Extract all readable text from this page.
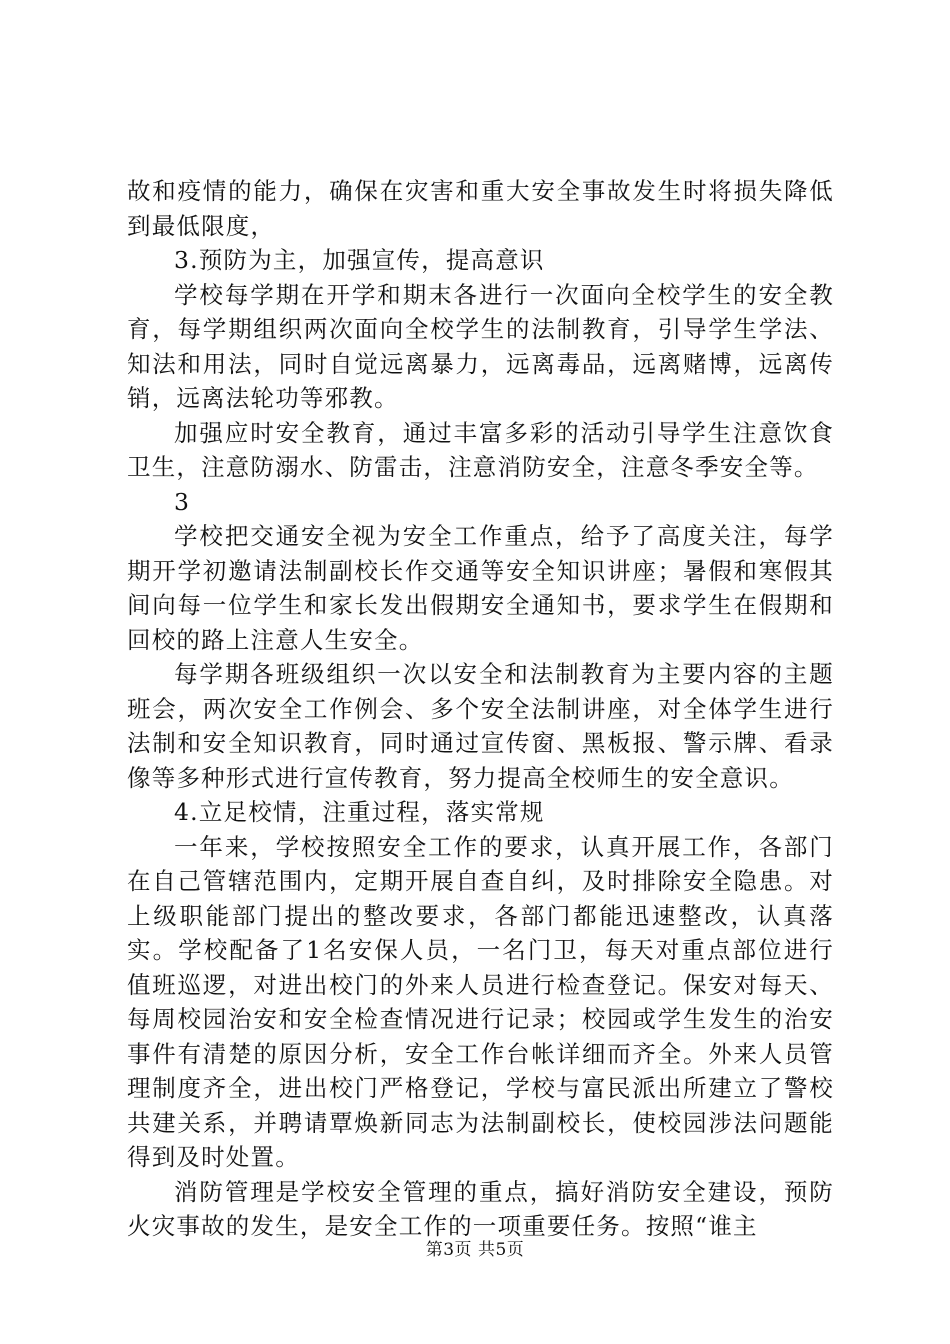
故和疫情的能力，确保在灾害和重大安全事故发生时将损失降低到最低限度，

3.预防为主，加强宣传，提高意识

学校每学期在开学和期末各进行一次面向全校学生的安全教育，每学期组织两次面向全校学生的法制教育，引导学生学法、知法和用法，同时自觉远离暴力，远离毒品，远离赌博，远离传销，远离法轮功等邪教。

加强应时安全教育，通过丰富多彩的活动引导学生注意饮食卫生，注意防溺水、防雷击，注意消防安全，注意冬季安全等。

3

学校把交通安全视为安全工作重点，给予了高度关注，每学期开学初邀请法制副校长作交通等安全知识讲座；暑假和寒假其间向每一位学生和家长发出假期安全通知书，要求学生在假期和回校的路上注意人生安全。

每学期各班级组织一次以安全和法制教育为主要内容的主题班会，两次安全工作例会、多个安全法制讲座，对全体学生进行法制和安全知识教育，同时通过宣传窗、黑板报、警示牌、看录像等多种形式进行宣传教育，努力提高全校师生的安全意识。

4.立足校情，注重过程，落实常规

一年来，学校按照安全工作的要求，认真开展工作，各部门在自己管辖范围内，定期开展自查自纠，及时排除安全隐患。对上级职能部门提出的整改要求，各部门都能迅速整改，认真落实。学校配备了1名安保人员，一名门卫，每天对重点部位进行值班巡逻，对进出校门的外来人员进行检查登记。保安对每天、每周校园治安和安全检查情况进行记录；校园或学生发生的治安事件有清楚的原因分析，安全工作台帐详细而齐全。外来人员管理制度齐全，进出校门严格登记，学校与富民派出所建立了警校共建关系，并聘请覃焕新同志为法制副校长，使校园涉法问题能得到及时处置。

消防管理是学校安全管理的重点，搞好消防安全建设，预防火灾事故的发生，是安全工作的一项重要任务。按照“谁主

第3页 共5页
